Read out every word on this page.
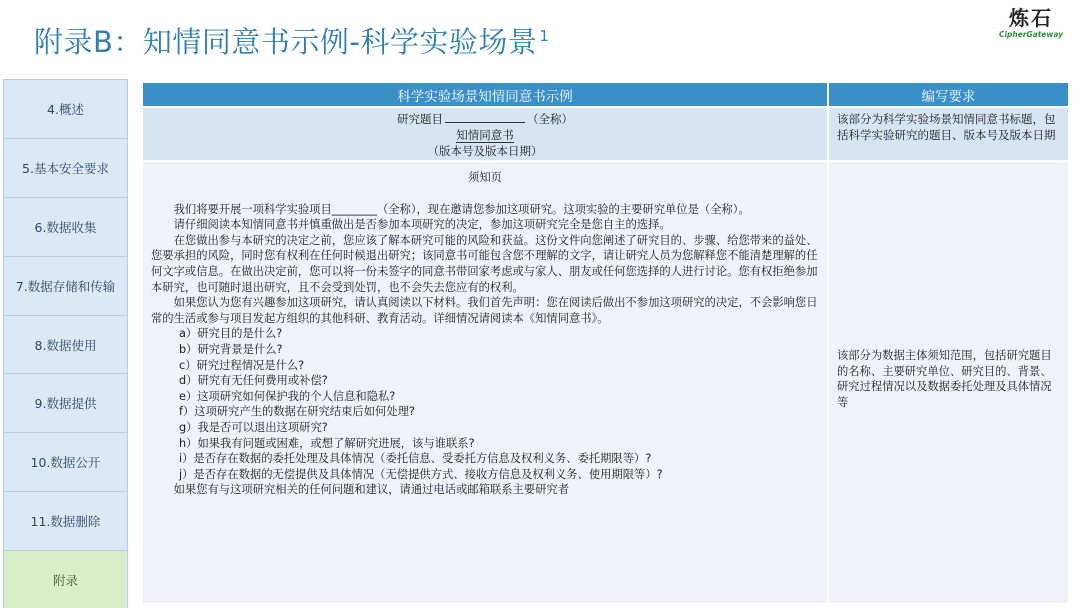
附录B：知情同意书示例-科学实验场景 $^1$
炼石
CipherGateway
4.概述
5.基本安全要求
6.数据收集
7.数据存储和传输
8.数据使用
9.数据提供
10.数据公开
11.数据删除
附录
科学实验场景知情同意书示例	编写要求
研究题目	（全称）
知情同意书
（版本号及版本日期）
该部分为科学实验场景知情同意书标题，包括科学实验研究的题目、版本号及版本日期
须知页
我们将要开展一项科学实验项目________（全称），现在邀请您参加这项研究。这项实验的主要研究单位是（全称）。
请仔细阅读本知情同意书并慎重做出是否参加本项研究的决定，参加这项研究完全是您自主的选择。
在您做出参与本研究的决定之前，您应该了解本研究可能的风险和获益。这份文件向您阐述了研究目的、步骤、给您带来的益处、您要承担的风险，同时您有权利在任何时候退出研究；该同意书可能包含您不理解的文字，请让研究人员为您解释您不能清楚理解的任何文字或信息。在做出决定前，您可以将一份未签字的同意书带回家考虑或与家人、朋友或任何您选择的人进行讨论。您有权拒绝参加本研究，也可随时退出研究，且不会受到处罚，也不会失去您应有的权利。
如果您认为您有兴趣参加这项研究，请认真阅读以下材料。我们首先声明：您在阅读后做出不参加这项研究的决定，不会影响您日常的生活或参与项目发起方组织的其他科研、教育活动。详细情况请阅读本《知情同意书》。
a）研究目的是什么?
b）研究背景是什么?
c）研究过程情况是什么?
d）研究有无任何费用或补偿?
e）这项研究如何保护我的个人信息和隐私?
f）这项研究产生的数据在研究结束后如何处理?
g）我是否可以退出这项研究?
h）如果我有问题或困难，或想了解研究进展，该与谁联系?
i）是否存在数据的委托处理及具体情况（委托信息、受委托方信息及权利义务、委托期限等）?
j）是否存在数据的无偿提供及具体情况（无偿提供方式、接收方信息及权利义务、使用期限等）?
如果您有与这项研究相关的任何问题和建议，请通过电话或邮箱联系主要研究者
该部分为数据主体须知范围，包括研究题目的名称、主要研究单位、研究目的、背景、研究过程情况以及数据委托处理及具体情况等
